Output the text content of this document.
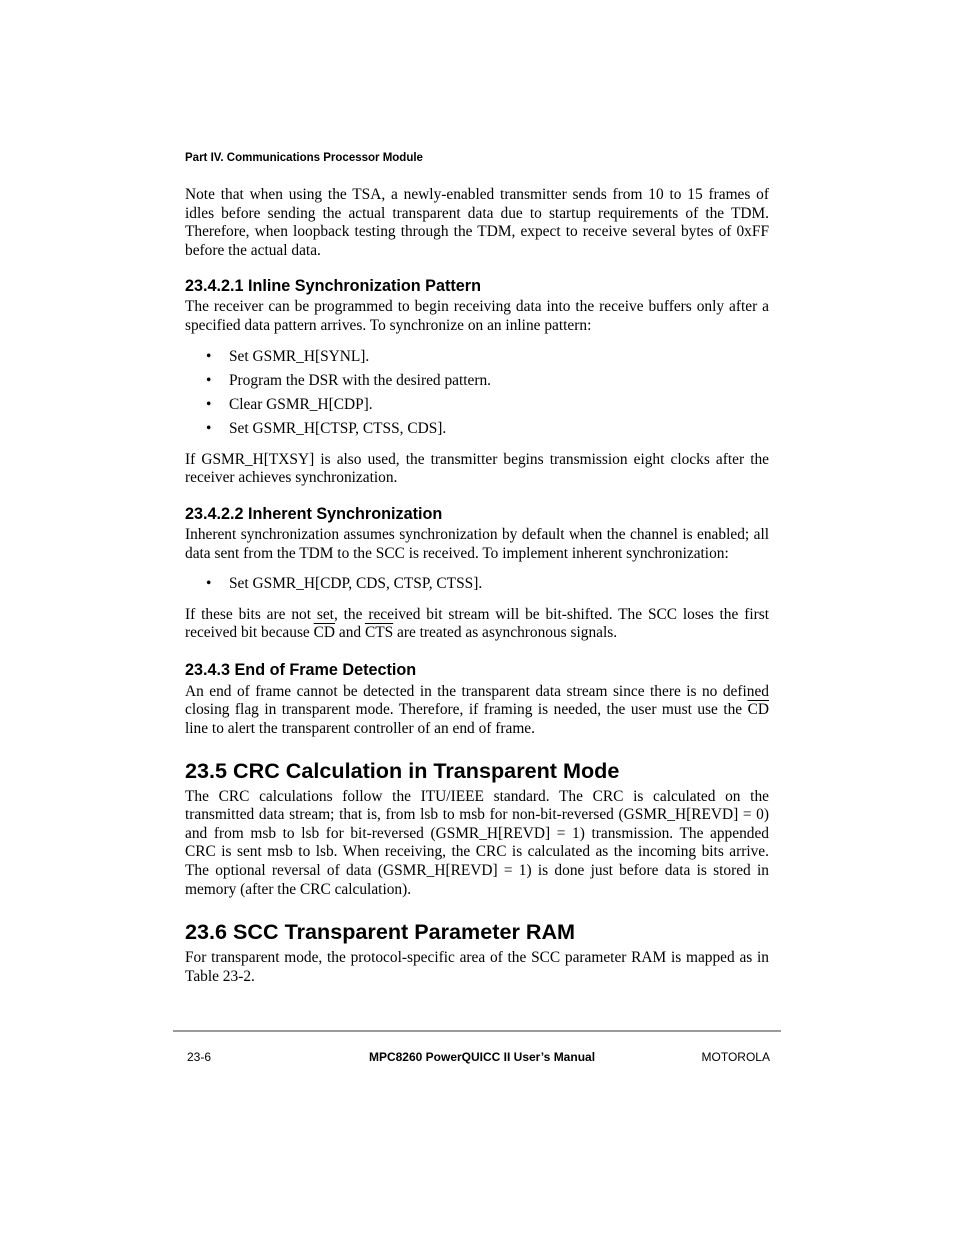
Part IV. Communications Processor Module

Note that when using the TSA, a newly-enabled transmitter sends from 10 to 15 frames of idles before sending the actual transparent data due to startup requirements of the TDM. Therefore, when loopback testing through the TDM, expect to receive several bytes of 0xFF before the actual data.

23.4.2.1 Inline Synchronization Pattern

The receiver can be programmed to begin receiving data into the receive buffers only after a specified data pattern arrives. To synchronize on an inline pattern:

• Set GSMR_H[SYNL].
• Program the DSR with the desired pattern.
• Clear GSMR_H[CDP].
• Set GSMR_H[CTSP, CTSS, CDS].

If GSMR_H[TXSY] is also used, the transmitter begins transmission eight clocks after the receiver achieves synchronization.

23.4.2.2 Inherent Synchronization

Inherent synchronization assumes synchronization by default when the channel is enabled; all data sent from the TDM to the SCC is received. To implement inherent synchronization:

• Set GSMR_H[CDP, CDS, CTSP, CTSS].

If these bits are not set, the received bit stream will be bit-shifted. The SCC loses the first received bit because $\overline{CD}$ and $\overline{CTS}$ are treated as asynchronous signals.

23.4.3 End of Frame Detection

An end of frame cannot be detected in the transparent data stream since there is no defined closing flag in transparent mode. Therefore, if framing is needed, the user must use the $\overline{CD}$ line to alert the transparent controller of an end of frame.

23.5 CRC Calculation in Transparent Mode

The CRC calculations follow the ITU/IEEE standard. The CRC is calculated on the transmitted data stream; that is, from lsb to msb for non-bit-reversed (GSMR_H[REVD] = 0) and from msb to lsb for bit-reversed (GSMR_H[REVD] = 1) transmission. The appended CRC is sent msb to lsb. When receiving, the CRC is calculated as the incoming bits arrive. The optional reversal of data (GSMR_H[REVD] = 1) is done just before data is stored in memory (after the CRC calculation).

23.6 SCC Transparent Parameter RAM

For transparent mode, the protocol-specific area of the SCC parameter RAM is mapped as in Table 23-2.

23-6	MPC8260 PowerQUICC II User’s Manual	MOTOROLA
